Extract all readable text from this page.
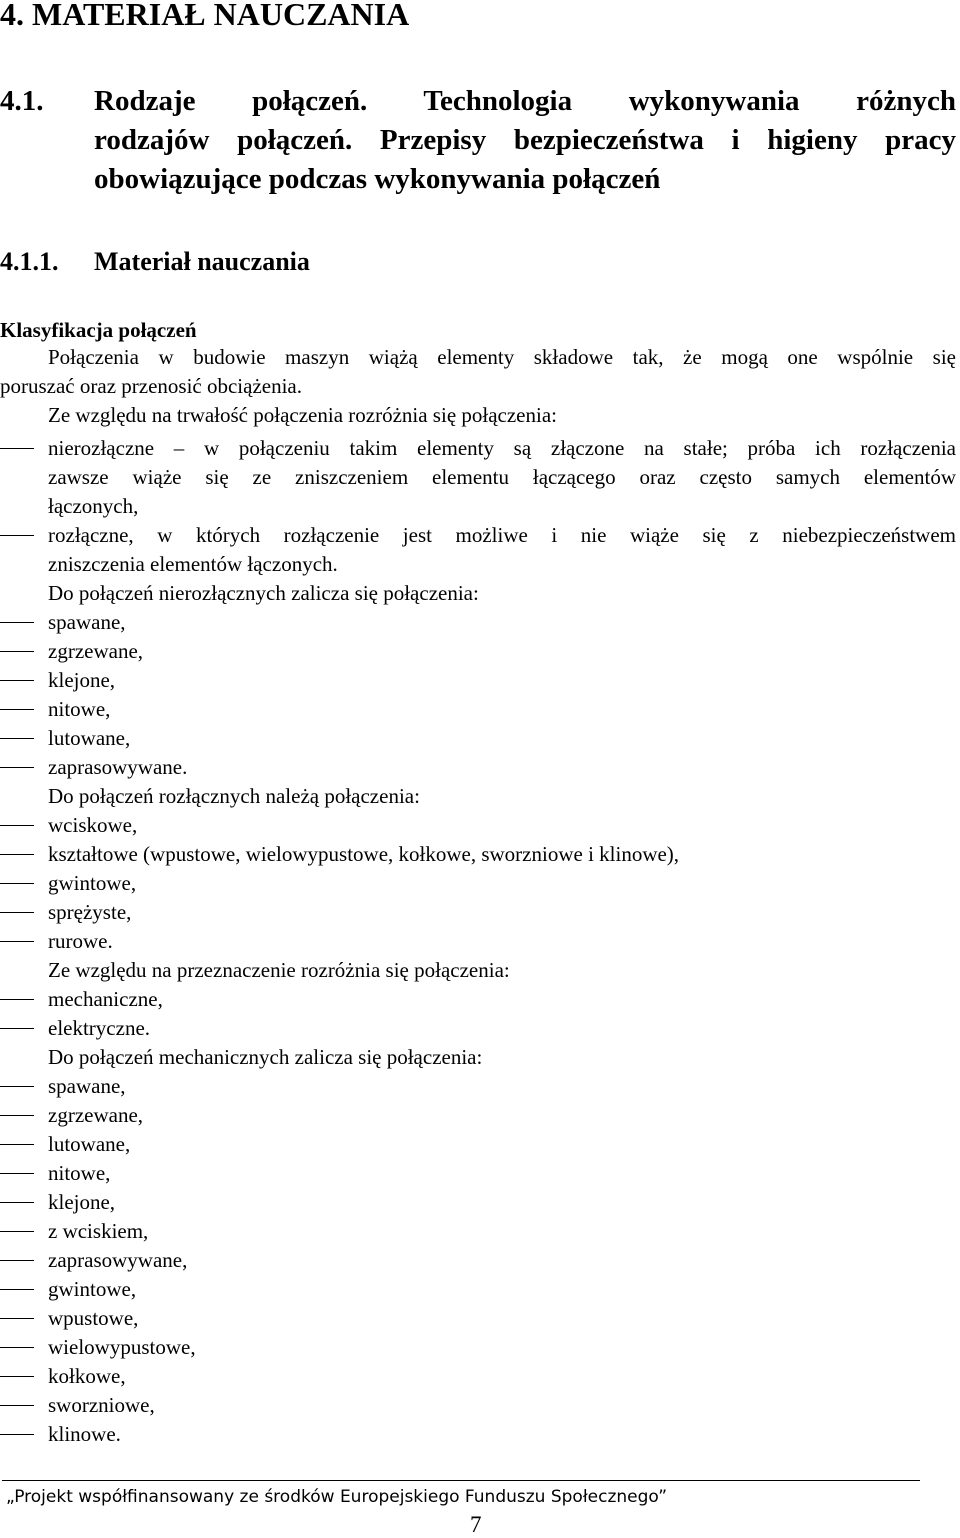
4. MATERIAŁ NAUCZANIA
4.1. Rodzaje połączeń. Technologia wykonywania różnych
rodzajów połączeń. Przepisy bezpieczeństwa i higieny pracy
obowiązujące podczas wykonywania połączeń
4.1.1. Materiał nauczania
Klasyfikacja połączeń
Połączenia w budowie maszyn wiążą elementy składowe tak, że mogą one wspólnie się
poruszać oraz przenosić obciążenia.
Ze względu na trwałość połączenia rozróżnia się połączenia:
nierozłączne – w połączeniu takim elementy są złączone na stałe; próba ich rozłączenia
zawsze wiąże się ze zniszczeniem elementu łączącego oraz często samych elementów
łączonych,
rozłączne, w których rozłączenie jest możliwe i nie wiąże się z niebezpieczeństwem
zniszczenia elementów łączonych.
Do połączeń nierozłącznych zalicza się połączenia:
spawane,
zgrzewane,
klejone,
nitowe,
lutowane,
zaprasowywane.
Do połączeń rozłącznych należą połączenia:
wciskowe,
kształtowe (wpustowe, wielowypustowe, kołkowe, sworzniowe i klinowe),
gwintowe,
sprężyste,
rurowe.
Ze względu na przeznaczenie rozróżnia się połączenia:
mechaniczne,
elektryczne.
Do połączeń mechanicznych zalicza się połączenia:
spawane,
zgrzewane,
lutowane,
nitowe,
klejone,
z wciskiem,
zaprasowywane,
gwintowe,
wpustowe,
wielowypustowe,
kołkowe,
sworzniowe,
klinowe.
„Projekt współfinansowany ze środków Europejskiego Funduszu Społecznego”
7
